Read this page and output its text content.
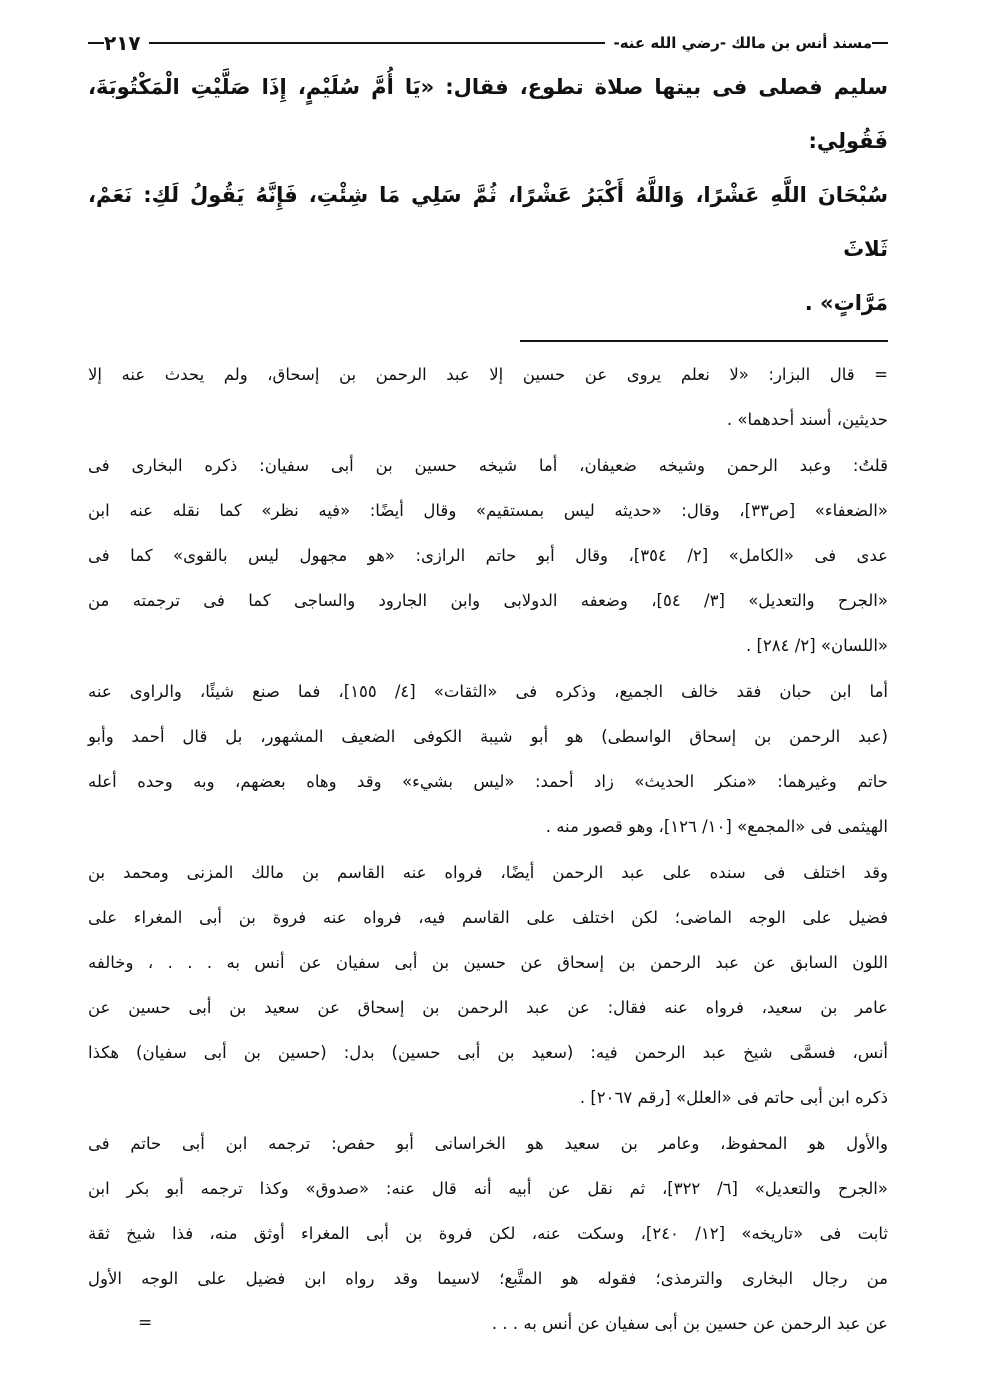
مسند أنس بن مالك -رضي الله عنه-
٢١٧
سليم فصلى فى بيتها صلاة تطوع، فقال: «يَا أُمَّ سُلَيْمٍ، إِذَا صَلَّيْتِ الْمَكْتُوبَةَ، فَقُولِي:
سُبْحَانَ اللَّهِ عَشْرًا، وَاللَّهُ أَكْبَرُ عَشْرًا، ثُمَّ سَلِي مَا شِئْتِ، فَإِنَّهُ يَقُولُ لَكِ: نَعَمْ، ثَلاثَ
مَرَّاتٍ» .
= قال البزار: «لا نعلم يروى عن حسين إلا عبد الرحمن بن إسحاق، ولم يحدث عنه إلا
حديثين، أسند أحدهما» .
قلتُ: وعبد الرحمن وشيخه ضعيفان، أما شيخه حسين بن أبى سفيان: ذكره البخارى فى
«الضعفاء» [ص٣٣]، وقال: «حديثه ليس بمستقيم» وقال أيضًا: «فيه نظر» كما نقله عنه ابن
عدى فى «الكامل» [٢/ ٣٥٤]، وقال أبو حاتم الرازى: «هو مجهول ليس بالقوى» كما فى
«الجرح والتعديل» [٣/ ٥٤]، وضعفه الدولابى وابن الجارود والساجى كما فى ترجمته من
«اللسان» [٢/ ٢٨٤] .
أما ابن حبان فقد خالف الجميع، وذكره فى «الثقات» [٤/ ١٥٥]، فما صنع شيئًا، والراوى عنه
(عبد الرحمن بن إسحاق الواسطى) هو أبو شيبة الكوفى الضعيف المشهور، بل قال أحمد وأبو
حاتم وغيرهما: «منكر الحديث» زاد أحمد: «ليس بشيء» وقد وهاه بعضهم، وبه وحده أعله
الهيثمى فى «المجمع» [١٠/ ١٢٦]، وهو قصور منه .
وقد اختلف فى سنده على عبد الرحمن أيضًا، فرواه عنه القاسم بن مالك المزنى ومحمد بن
فضيل على الوجه الماضى؛ لكن اختلف على القاسم فيه، فرواه عنه فروة بن أبى المغراء على
اللون السابق عن عبد الرحمن بن إسحاق عن حسين بن أبى سفيان عن أنس به . . . ، وخالفه
عامر بن سعيد، فرواه عنه فقال: عن عبد الرحمن بن إسحاق عن سعيد بن أبى حسين عن
أنس، فسمَّى شيخ عبد الرحمن فيه: (سعيد بن أبى حسين) بدل: (حسين بن أبى سفيان) هكذا
ذكره ابن أبى حاتم فى «العلل» [رقم ٢٠٦٧] .
والأول هو المحفوظ، وعامر بن سعيد هو الخراسانى أبو حفص: ترجمه ابن أبى حاتم فى
«الجرح والتعديل» [٦/ ٣٢٢]، ثم نقل عن أبيه أنه قال عنه: «صدوق» وكذا ترجمه أبو بكر ابن
ثابت فى «تاريخه» [١٢/ ٢٤٠]، وسكت عنه، لكن فروة بن أبى المغراء أوثق منه، فذا شيخ ثقة
من رجال البخارى والترمذى؛ فقوله هو المتَّبع؛ لاسيما وقد رواه ابن فضيل على الوجه الأول
عن عبد الرحمن عن حسين بن أبى سفيان عن أنس به . . .
=
